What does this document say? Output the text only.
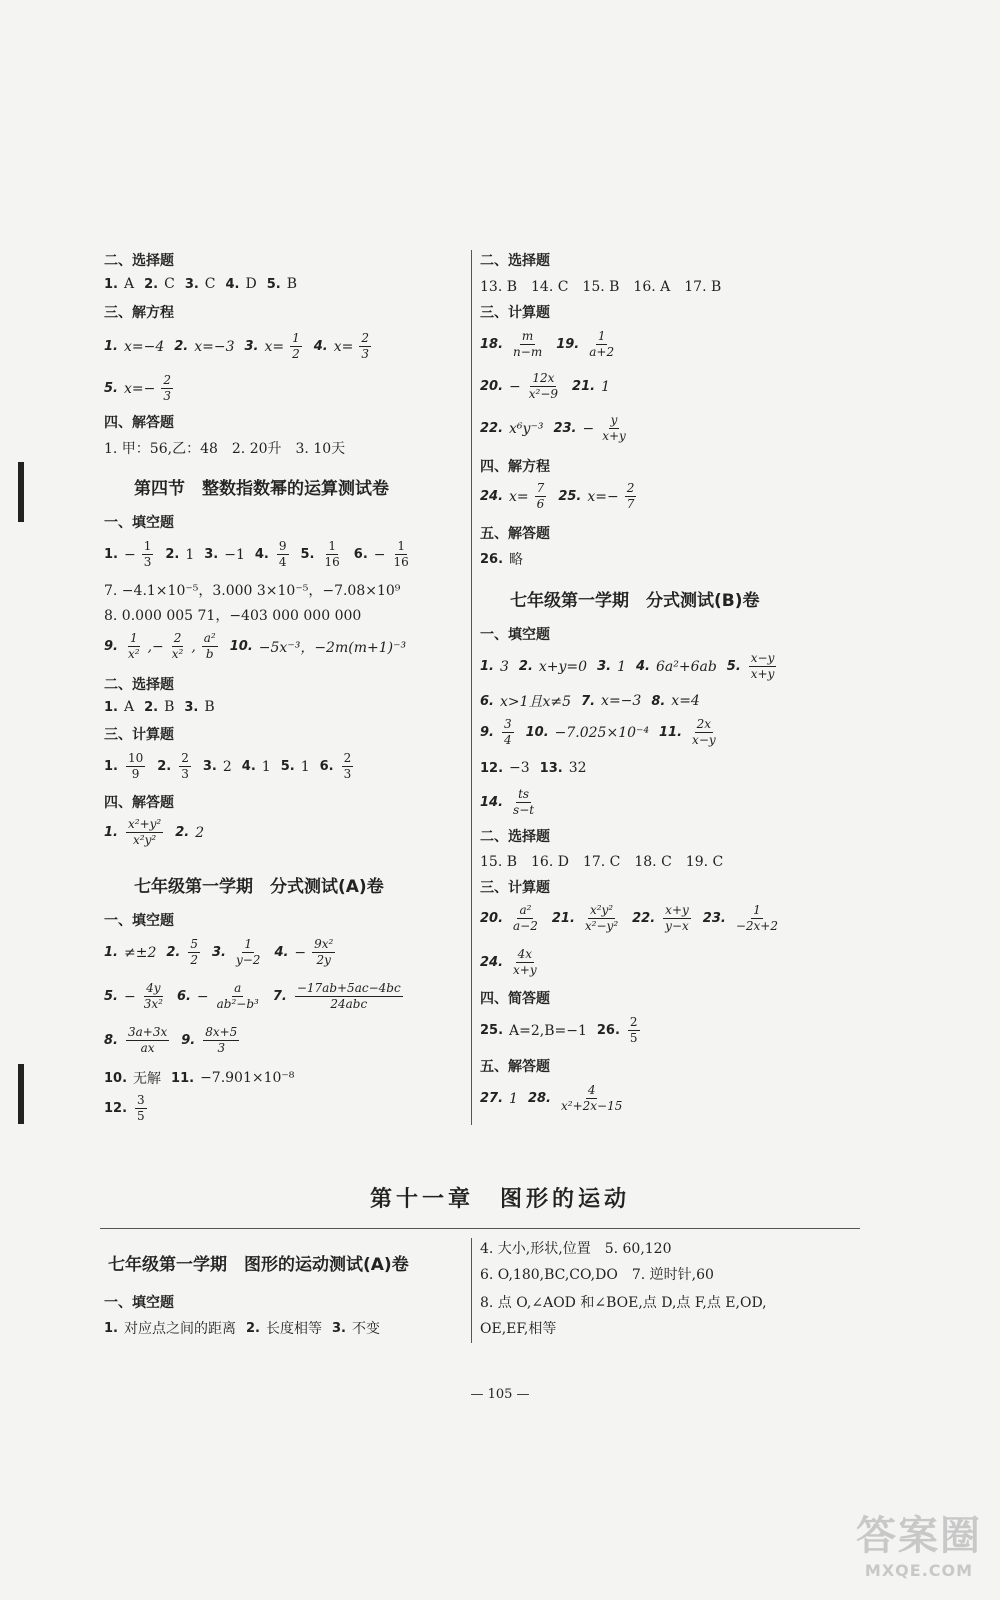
二、选择题
1. A 2. C 3. C 4. D 5. B
三、解方程
1. x=−4 2. x=−3 3. $x= \frac{1}{2} 4$. $x= \frac{2}{3}$
5. $x=- \frac{2}{3}$
四、解答题
1. 甲：56,乙：48　2. 20升　3. 10天
第四节　整数指数幂的运算测试卷
一、填空题
1. − $\frac{1}{3} 2$. 1 3. −1 4. $\frac{9}{4} 5$. $\frac{1}{16} 6$. − $\frac{1}{16}$
7. −4.1×10⁻⁵，3.000 3×10⁻⁵，−7.08×10⁹
8. 0.000 005 71，−403 000 000 000
9. $\frac{1}{\text{x²}}$ ,− $\frac{2}{\text{x²}}$ , $\frac{\text{a²}}{b} 10$. −5x⁻³，−2m(m+1)⁻³
二、选择题
1. A 2. B 3. B
三、计算题
1. $\frac{10}{9} 2$. $\frac{2}{3} 3$. 2 4. 1 5. 1 6. $\frac{2}{3}$
四、解答题
1. $\frac{\text{x²+y²}}{\text{x²y²}} 2$. 2
七年级第一学期　分式测试(A)卷
一、填空题
1. ≠±2 2. $\frac{5}{2} 3$. $\frac{1}{y-2} 4$. − $\frac{\text{9x²}}{2y}$
5. − $\frac{4y}{\text{3x²}} 6$. − $\frac{a}{\text{ab²−b³}} 7$. $\frac{-17ab+5ac-4bc}{\text{24abc}}$
8. $\frac{3a+3x}{ax} 9$. $\frac{8x+5}{3}$
10. 无解 11. −7.901×10⁻⁸
12. $\frac{3}{5}$
二、选择题
13. B　14. C　15. B　16. A　17. B
三、计算题
18. $\frac{m}{n-m} 19$. $\frac{1}{a+2}$
20. − $\frac{12x}{\text{x²−9}} 21$. 1
22. x⁶y⁻³ 23. − $\frac{y}{x+y}$
四、解方程
24. $x= \frac{7}{6} 25$. $x=- \frac{2}{7}$
五、解答题
26. 略
七年级第一学期　分式测试(B)卷
一、填空题
1. 3 2. x+y=0 3. 1 4. 6a²+6ab 5. $\frac{x-y}{x+y}$
6. x>1且x≠5 7. x=−3 8. x=4
9. $\frac{3}{4} 10$. −7.025×10⁻⁴ 11. $\frac{2x}{x-y}$
12. −3 13. 32
14. $\frac{ts}{s-t}$
二、选择题
15. B　16. D　17. C　18. C　19. C
三、计算题
20. $\frac{\text{a²}}{a-2} 21$. $\frac{\text{x²y²}}{\text{x²−y²}} 22$. $\frac{x+y}{y-x} 23$. $\frac{1}{-2x+2}$
24. $\frac{4x}{x+y}$
四、简答题
25. A=2,B=−1 26. $\frac{2}{5}$
五、解答题
27. 1 28. $\frac{4}{\text{x²+2x−15}}$
第十一章　图形的运动
七年级第一学期　图形的运动测试(A)卷
一、填空题
1. 对应点之间的距离 2. 长度相等 3. 不变
4. 大小,形状,位置　5. 60,120
6. O,180,BC,CO,DO　7. 逆时针,60
8. 点 O,∠AOD 和∠BOE,点 D,点 F,点 E,OD,
OE,EF,相等
— 105 —
答案圈
MXQE.COM
